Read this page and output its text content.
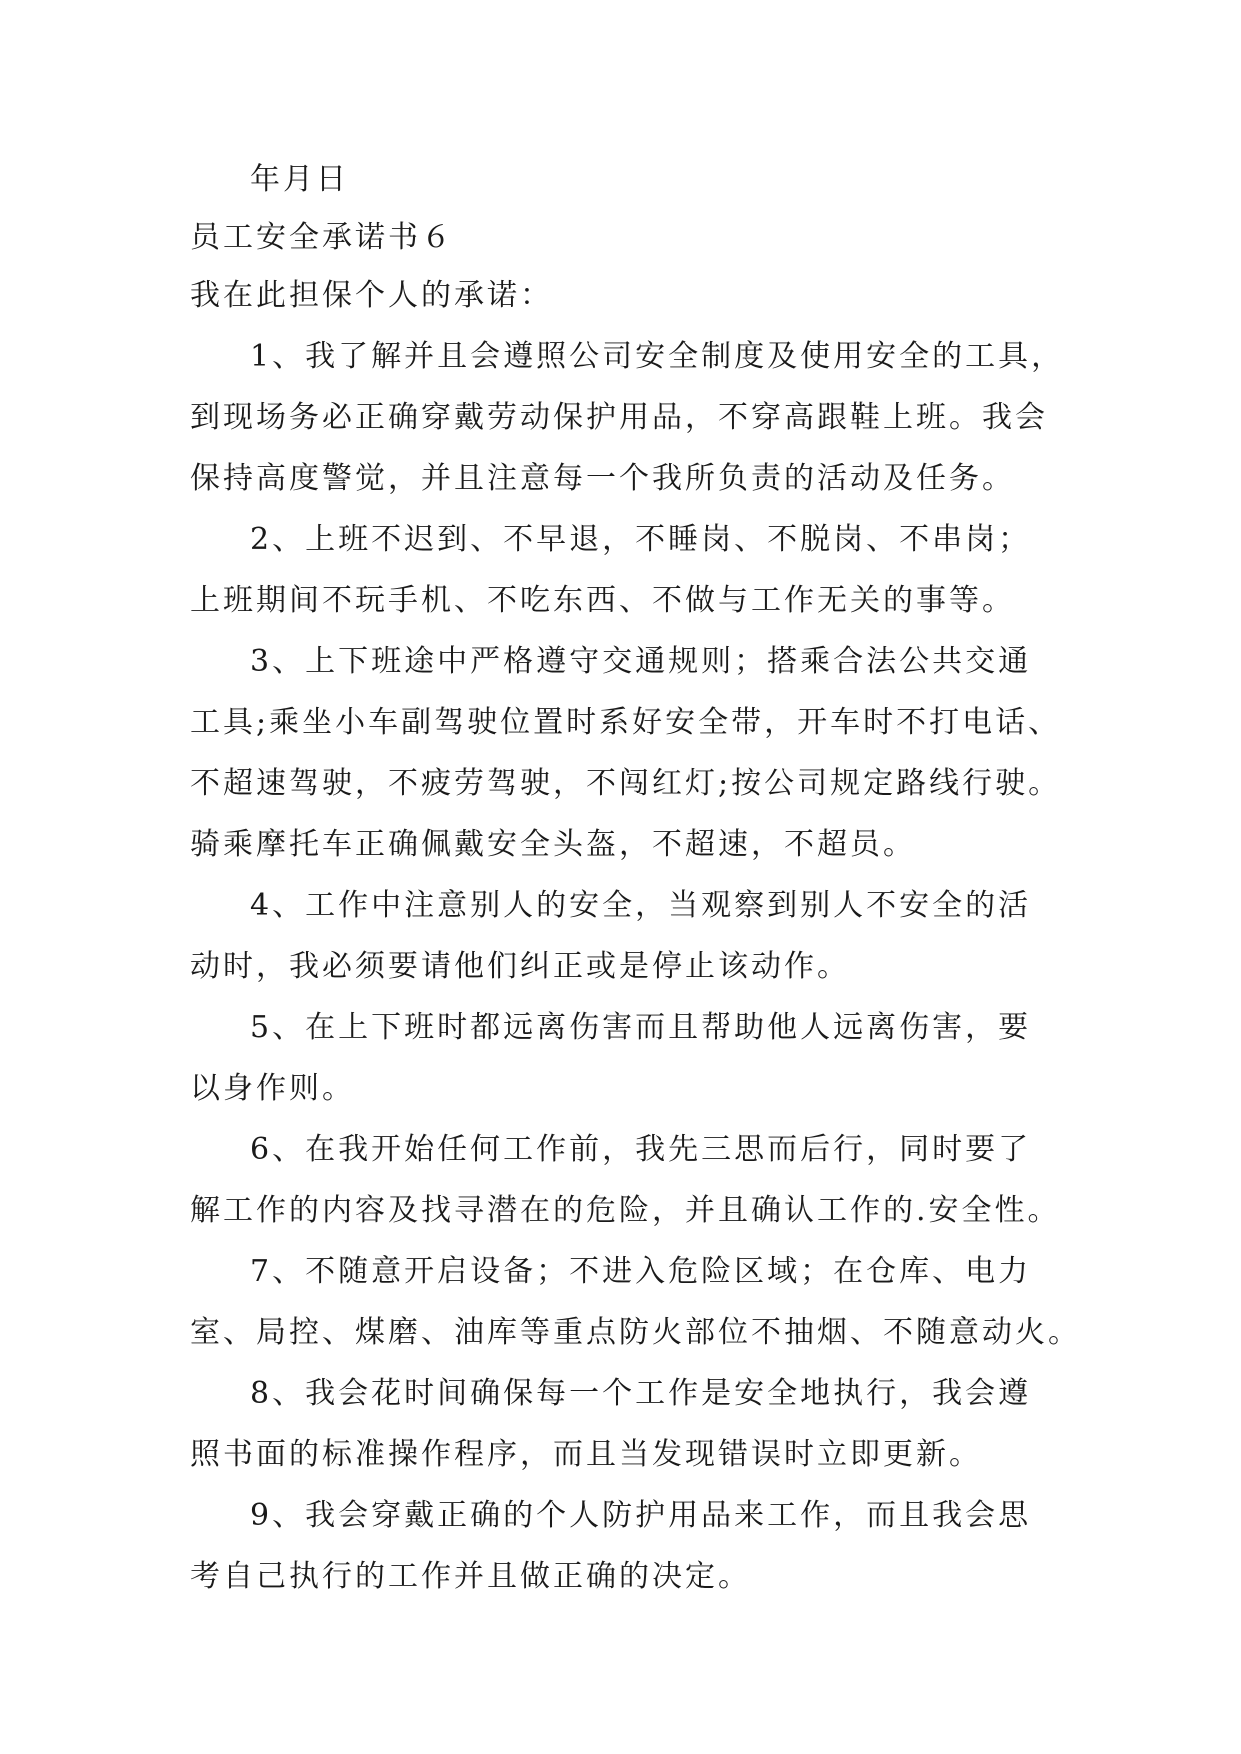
年月日
员工安全承诺书６
我在此担保个人的承诺：
1、我了解并且会遵照公司安全制度及使用安全的工具，
到现场务必正确穿戴劳动保护用品，不穿高跟鞋上班。我会
保持高度警觉，并且注意每一个我所负责的活动及任务。
2、上班不迟到、不早退，不睡岗、不脱岗、不串岗；
上班期间不玩手机、不吃东西、不做与工作无关的事等。
3、上下班途中严格遵守交通规则；搭乘合法公共交通
工具;乘坐小车副驾驶位置时系好安全带，开车时不打电话、
不超速驾驶，不疲劳驾驶，不闯红灯;按公司规定路线行驶。
骑乘摩托车正确佩戴安全头盔，不超速，不超员。
4、工作中注意别人的安全，当观察到别人不安全的活
动时，我必须要请他们纠正或是停止该动作。
5、在上下班时都远离伤害而且帮助他人远离伤害，要
以身作则。
6、在我开始任何工作前，我先三思而后行，同时要了
解工作的内容及找寻潜在的危险，并且确认工作的.安全性。
7、不随意开启设备；不进入危险区域；在仓库、电力
室、局控、煤磨、油库等重点防火部位不抽烟、不随意动火。
8、我会花时间确保每一个工作是安全地执行，我会遵
照书面的标准操作程序，而且当发现错误时立即更新。
9、我会穿戴正确的个人防护用品来工作，而且我会思
考自己执行的工作并且做正确的决定。
